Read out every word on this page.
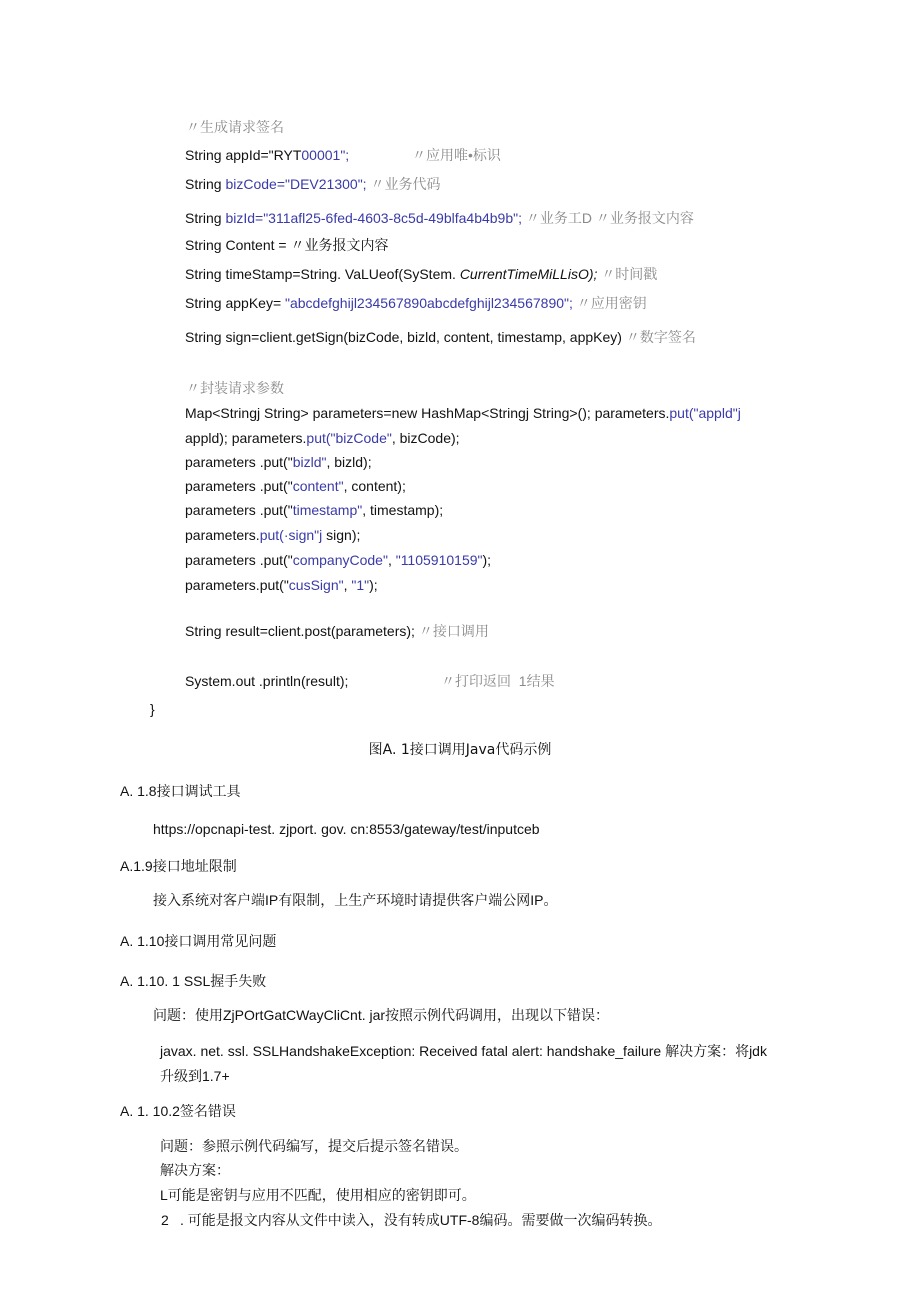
〃生成请求签名
String appId="RYT00001";	〃应用唯•标识
String bizCode="DEV21300"; 〃业务代码
String bizId="311afl25-6fed-4603-8c5d-49blfa4b4b9b"; 〃业务工D 〃业务报文内容
String Content = 〃业务报文内容
String timeStamp=String. VaLUeof(SyStem. CurrentTimeMiLLisO); 〃时间戳
String appKey= "abcdefghijl234567890abcdefghijl234567890"; 〃应用密钥
String sign=client.getSign(bizCode, bizld, content, timestamp, appKey) 〃数字签名
〃封装请求参数
Map<Stringj String> parameters=new HashMap<Stringj String>(); parameters.put("appld"j
appld); parameters.put("bizCode", bizCode);
parameters .put("bizld", bizld);
parameters .put("content", content);
parameters .put("timestamp", timestamp);
parameters.put(·sign"j sign);
parameters .put("companyCode", "1105910159");
parameters.put("cusSign", "1");
String result=client.post(parameters); 〃接口调用
System.out .println(result);	〃打印返回  1结果
}
图A. 1接口调用Java代码示例
A. 1.8接口调试工具
https://opcnapi-test. zjport. gov. cn:8553/gateway/test/inputceb
A.1.9接口地址限制
接入系统对客户端IP有限制，上生产环境时请提供客户端公网IP。
A. 1.10接口调用常见问题
A. 1.10. 1 SSL握手失败
问题：使用ZjPOrtGatCWayCliCnt. jar按照示例代码调用，出现以下错误：
javax. net. ssl. SSLHandshakeException: Received fatal alert: handshake_failure 解决方案：将jdk
升级到1.7+
A. 1. 10.2签名错误
问题：参照示例代码编写，提交后提示签名错误。
解决方案：
L可能是密钥与应用不匹配，使用相应的密钥即可。
2 . 可能是报文内容从文件中读入，没有转成UTF-8编码。需要做一次编码转换。
